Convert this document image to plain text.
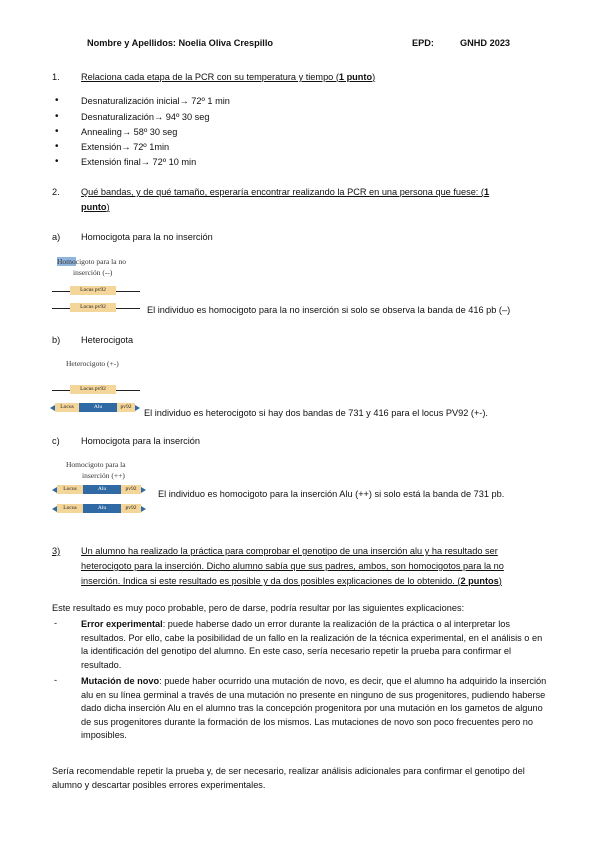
Nombre y Apellidos: Noelia Oliva Crespillo	EPD:	GNHD 2023
1. Relaciona cada etapa de la PCR con su temperatura y tiempo (1 punto)
• Desnaturalización inicial→ 72º 1 min
• Desnaturalización→ 94º 30 seg
• Annealing→ 58º 30 seg
• Extensión→ 72º 1min
• Extensión final→ 72º 10 min
2. Qué bandas, y de qué tamaño, esperaría encontrar realizando la PCR en una persona que fuese: (1
punto)
a) Homocigota para la no inserción
Homocigoto para la no
inserción (--)
Locus pv92
Locus pv92	El individuo es homocigoto para la no inserción si solo se observa la banda de 416 pb (–)
b) Heterocigota
Heterocigoto (+-)
Locus pv92
Locus	Alu	pv92
El individuo es heterocigoto si hay dos bandas de 731 y 416 para el locus PV92 (+-).
c) Homocigota para la inserción
Homocigoto para la
inserción (++)
Locus	Alu	pv92
Locus	Alu	pv92
El individuo es homocigoto para la inserción Alu (++) si solo está la banda de 731 pb.
3) Un alumno ha realizado la práctica para comprobar el genotipo de una inserción alu y ha resultado ser
heterocigoto para la inserción. Dicho alumno sabía que sus padres, ambos, son homocigotos para la no
inserción. Indica si este resultado es posible y da dos posibles explicaciones de lo obtenido. (2 puntos)
Este resultado es muy poco probable, pero de darse, podría resultar por las siguientes explicaciones:
-	Error experimental: puede haberse dado un error durante la realización de la práctica o al interpretar los resultados. Por ello, cabe la posibilidad de un fallo en la realización de la técnica experimental, en el análisis o en la identificación del genotipo del alumno. En este caso, sería necesario repetir la prueba para confirmar el resultado.
-	Mutación de novo: puede haber ocurrido una mutación de novo, es decir, que el alumno ha adquirido la inserción alu en su línea germinal a través de una mutación no presente en ninguno de sus progenitores, pudiendo haberse dado dicha inserción Alu en el alumno tras la concepción progenitora por una mutación en los gametos de alguno de sus progenitores durante la formación de los mismos. Las mutaciones de novo son poco frecuentes pero no imposibles.
Sería recomendable repetir la prueba y, de ser necesario, realizar análisis adicionales para confirmar el genotipo del alumno y descartar posibles errores experimentales.
